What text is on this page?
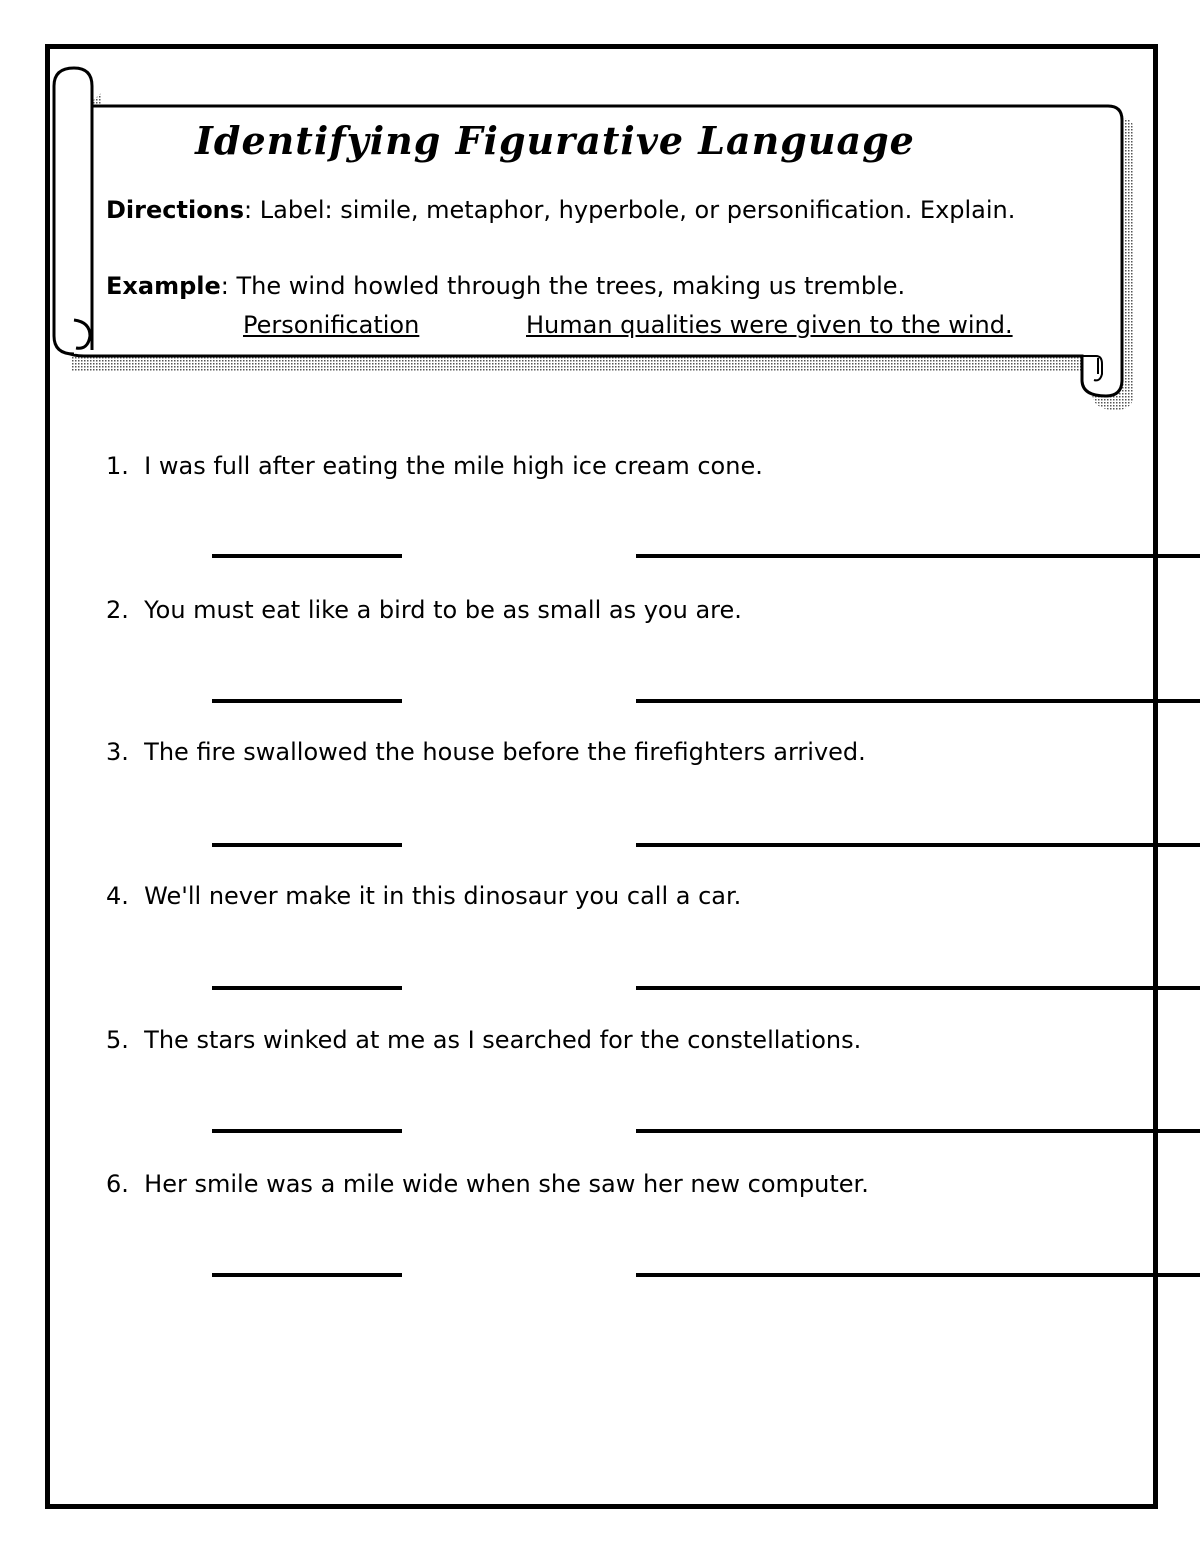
Identifying Figurative Language
Directions: Label: simile, metaphor, hyperbole, or personification. Explain.
Example: The wind howled through the trees, making us tremble.
Personification	Human qualities were given to the wind.
1. I was full after eating the mile high ice cream cone.
2. You must eat like a bird to be as small as you are.
3.  The fire swallowed the house before the firefighters arrived.
4. We'll never make it in this dinosaur you call a car.
5.  The stars winked at me as I searched for the constellations.
6. Her smile was a mile wide when she saw her new computer.
